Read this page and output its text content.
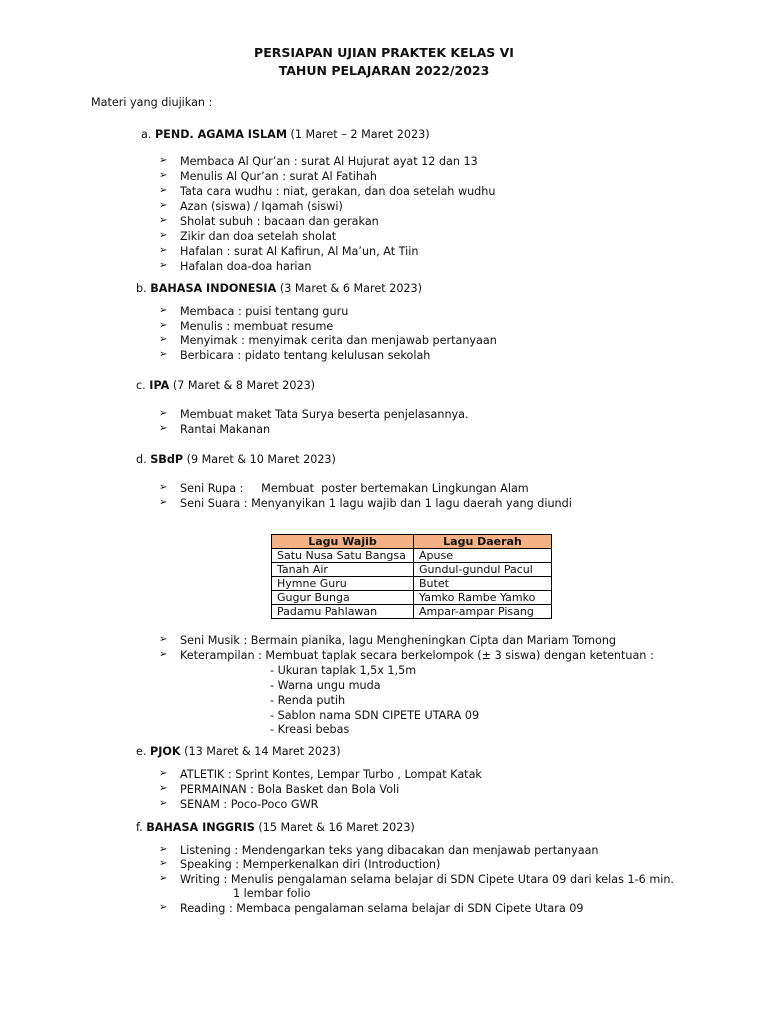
PERSIAPAN UJIAN PRAKTEK KELAS VI
TAHUN PELAJARAN 2022/2023
Materi yang diujikan :
a. PEND. AGAMA ISLAM (1 Maret – 2 Maret 2023)
➢ Membaca Al Qur’an : surat Al Hujurat ayat 12 dan 13
➢ Menulis Al Qur’an : surat Al Fatihah
➢ Tata cara wudhu : niat, gerakan, dan doa setelah wudhu
➢ Azan (siswa) / Iqamah (siswi)
➢ Sholat subuh : bacaan dan gerakan
➢ Zikir dan doa setelah sholat
➢ Hafalan : surat Al Kafirun, Al Ma’un, At Tiin
➢ Hafalan doa-doa harian
b. BAHASA INDONESIA (3 Maret & 6 Maret 2023)
➢ Membaca : puisi tentang guru
➢ Menulis : membuat resume
➢ Menyimak : menyimak cerita dan menjawab pertanyaan
➢ Berbicara : pidato tentang kelulusan sekolah
c. IPA (7 Maret & 8 Maret 2023)
➢ Membuat maket Tata Surya beserta penjelasannya.
➢ Rantai Makanan
d. SBdP (9 Maret & 10 Maret 2023)
➢ Seni Rupa :     Membuat  poster bertemakan Lingkungan Alam
➢ Seni Suara : Menyanyikan 1 lagu wajib dan 1 lagu daerah yang diundi
Lagu Wajib	Lagu Daerah
Satu Nusa Satu Bangsa	Apuse
Tanah Air	Gundul-gundul Pacul
Hymne Guru	Butet
Gugur Bunga	Yamko Rambe Yamko
Padamu Pahlawan	Ampar-ampar Pisang
➢ Seni Musik : Bermain pianika, lagu Mengheningkan Cipta dan Mariam Tomong
➢ Keterampilan : Membuat taplak secara berkelompok (± 3 siswa) dengan ketentuan :
- Ukuran taplak 1,5x 1,5m
- Warna ungu muda
- Renda putih
- Sablon nama SDN CIPETE UTARA 09
- Kreasi bebas
e. PJOK (13 Maret & 14 Maret 2023)
➢ ATLETIK : Sprint Kontes, Lempar Turbo , Lompat Katak
➢ PERMAINAN : Bola Basket dan Bola Voli
➢ SENAM : Poco-Poco GWR
f. BAHASA INGGRIS (15 Maret & 16 Maret 2023)
➢ Listening : Mendengarkan teks yang dibacakan dan menjawab pertanyaan
➢ Speaking : Memperkenalkan diri (Introduction)
➢ Writing : Menulis pengalaman selama belajar di SDN Cipete Utara 09 dari kelas 1-6 min.
1 lembar folio
➢ Reading : Membaca pengalaman selama belajar di SDN Cipete Utara 09
